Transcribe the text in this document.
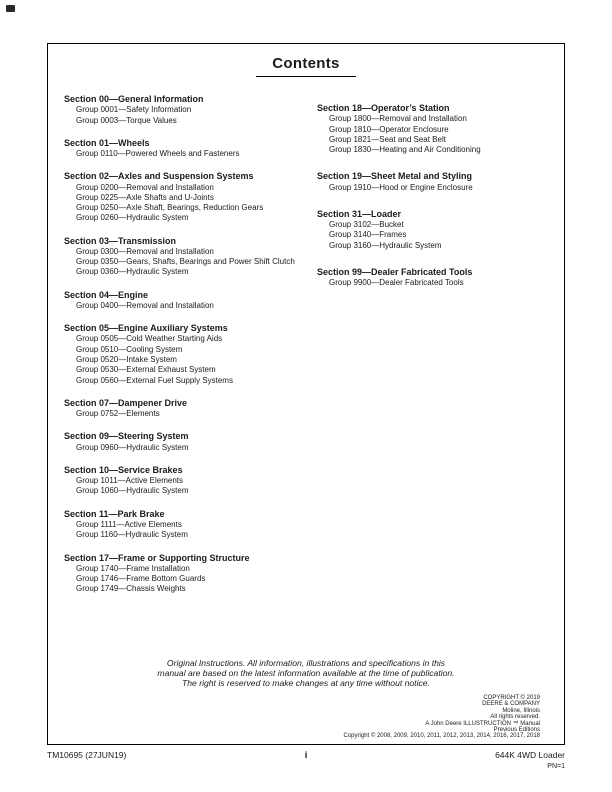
Contents
Section 00—General Information
Group 0001—Safety Information
Group 0003—Torque Values
Section 01—Wheels
Group 0110—Powered Wheels and Fasteners
Section 02—Axles and Suspension Systems
Group 0200—Removal and Installation
Group 0225—Axle Shafts and U-Joints
Group 0250—Axle Shaft, Bearings, Reduction Gears
Group 0260—Hydraulic System
Section 03—Transmission
Group 0300—Removal and Installation
Group 0350—Gears, Shafts, Bearings and Power Shift Clutch
Group 0360—Hydraulic System
Section 04—Engine
Group 0400—Removal and Installation
Section 05—Engine Auxiliary Systems
Group 0505—Cold Weather Starting Aids
Group 0510—Cooling System
Group 0520—Intake System
Group 0530—External Exhaust System
Group 0560—External Fuel Supply Systems
Section 07—Dampener Drive
Group 0752—Elements
Section 09—Steering System
Group 0960—Hydraulic System
Section 10—Service Brakes
Group 1011—Active Elements
Group 1060—Hydraulic System
Section 11—Park Brake
Group 1111—Active Elements
Group 1160—Hydraulic System
Section 17—Frame or Supporting Structure
Group 1740—Frame Installation
Group 1746—Frame Bottom Guards
Group 1749—Chassis Weights
Section 18—Operator’s Station
Group 1800—Removal and Installation
Group 1810—Operator Enclosure
Group 1821—Seat and Seat Belt
Group 1830—Heating and Air Conditioning
Section 19—Sheet Metal and Styling
Group 1910—Hood or Engine Enclosure
Section 31—Loader
Group 3102—Bucket
Group 3140—Frames
Group 3160—Hydraulic System
Section 99—Dealer Fabricated Tools
Group 9900—Dealer Fabricated Tools
Original Instructions. All information, illustrations and specifications in this
manual are based on the latest information available at the time of publication.
The right is reserved to make changes at any time without notice.
COPYRIGHT © 2019
DEERE & COMPANY
Moline, Illinois
All rights reserved.
A John Deere ILLUSTRUCTION ™ Manual
Previous Editions
Copyright © 2008, 2009, 2010, 2011, 2012, 2013, 2014, 2016, 2017, 2018
TM10695 (27JUN19)	i	644K 4WD Loader
PN=1
